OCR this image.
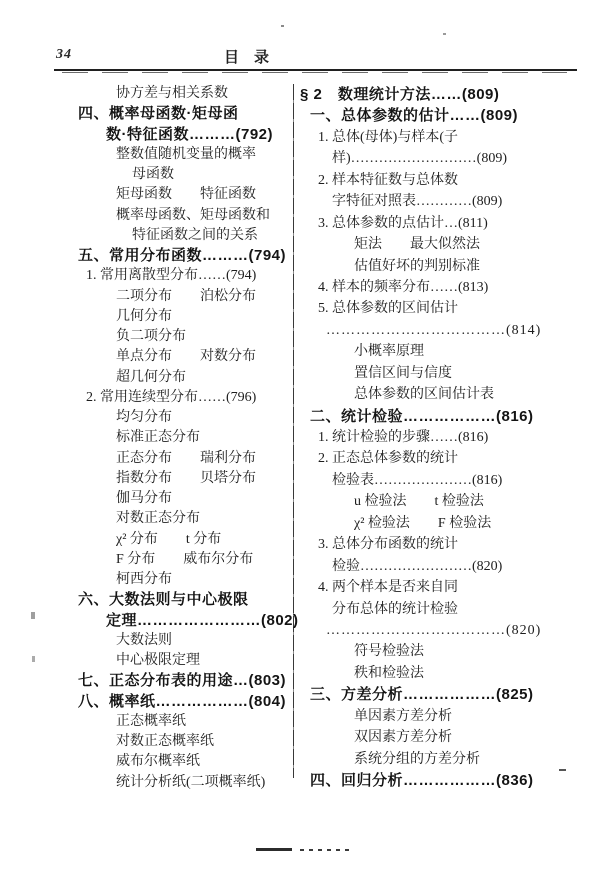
34	目　录
协方差与相关系数
四、概率母函数·矩母函
数·特征函数………(792)
整数值随机变量的概率
母函数
矩母函数　　特征函数
概率母函数、矩母函数和
特征函数之间的关系
五、常用分布函数………(794)
1. 常用离散型分布……(794)
二项分布　　泊松分布
几何分布
负二项分布
单点分布　　对数分布
超几何分布
2. 常用连续型分布……(796)
均匀分布
标准正态分布
正态分布　　瑞利分布
指数分布　　贝塔分布
伽马分布
对数正态分布
χ² 分布　　t 分布
F 分布　　威布尔分布
柯西分布
六、大数法则与中心极限
定理……………………(802)
大数法则
中心极限定理
七、正态分布表的用途…(803)
八、概率纸………………(804)
正态概率纸
对数正态概率纸
威布尔概率纸
统计分析纸(二项概率纸)
§ 2　数理统计方法……(809)
一、总体参数的估计……(809)
1. 总体(母体)与样本(子
样)………………………(809)
2. 样本特征数与总体数
字特征对照表…………(809)
3. 总体参数的点估计…(811)
矩法　　最大似然法
估值好坏的判别标准
4. 样本的频率分布……(813)
5. 总体参数的区间估计
………………………………(814)
小概率原理
置信区间与信度
总体参数的区间估计表
二、统计检验………………(816)
1. 统计检验的步骤……(816)
2. 正态总体参数的统计
检验表…………………(816)
u 检验法　　t 检验法
χ² 检验法　　F 检验法
3. 总体分布函数的统计
检验……………………(820)
4. 两个样本是否来自同
分布总体的统计检验
………………………………(820)
符号检验法
秩和检验法
三、方差分析………………(825)
单因素方差分析
双因素方差分析
系统分组的方差分析
四、回归分析………………(836)
